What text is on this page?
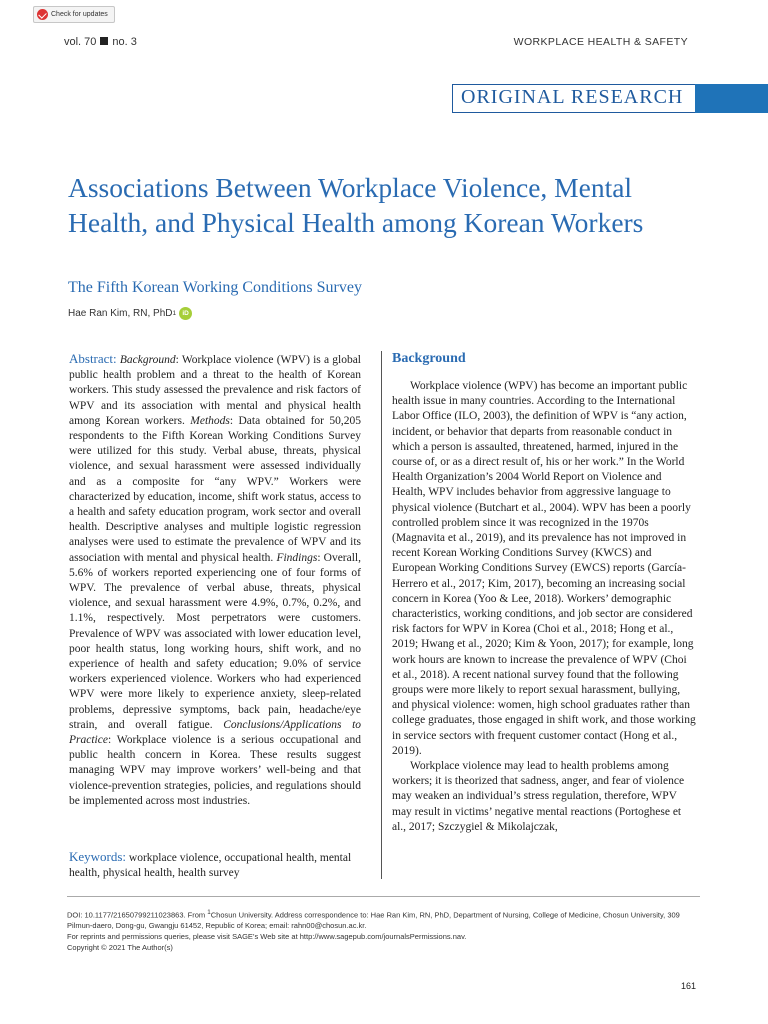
Check for updates
vol. 70 no. 3	WORKPLACE HEALTH & SAFETY
ORIGINAL RESEARCH
Associations Between Workplace Violence, Mental Health, and Physical Health among Korean Workers
The Fifth Korean Working Conditions Survey
Hae Ran Kim, RN, PhD 1 iD
Abstract: Background: Workplace violence (WPV) is a global public health problem and a threat to the health of Korean workers. This study assessed the prevalence and risk factors of WPV and its association with mental and physical health among Korean workers. Methods: Data obtained for 50,205 respondents to the Fifth Korean Working Conditions Survey were utilized for this study. Verbal abuse, threats, physical violence, and sexual harassment were assessed individually and as a composite for “any WPV.” Workers were characterized by education, income, shift work status, access to a health and safety education program, work sector and overall health. Descriptive analyses and multiple logistic regression analyses were used to estimate the prevalence of WPV and its association with mental and physical health. Findings: Overall, 5.6% of workers reported experiencing one of four forms of WPV. The prevalence of verbal abuse, threats, physical violence, and sexual harassment were 4.9%, 0.7%, 0.2%, and 1.1%, respectively. Most perpetrators were customers. Prevalence of WPV was associated with lower education level, poor health status, long working hours, shift work, and no experience of health and safety education; 9.0% of service workers experienced violence. Workers who had experienced WPV were more likely to experience anxiety, sleep-related problems, depressive symptoms, back pain, headache/eye strain, and overall fatigue. Conclusions/Applications to Practice: Workplace violence is a serious occupational and public health concern in Korea. These results suggest managing WPV may improve workers’ well-being and that violence-prevention strategies, policies, and regulations should be implemented across most industries.
Keywords: workplace violence, occupational health, mental health, physical health, health survey
Background

Workplace violence (WPV) has become an important public health issue in many countries. According to the International Labor Office (ILO, 2003), the definition of WPV is “any action, incident, or behavior that departs from reasonable conduct in which a person is assaulted, threatened, harmed, injured in the course of, or as a direct result of, his or her work.” In the World Health Organization’s 2004 World Report on Violence and Health, WPV includes behavior from aggressive language to physical violence (Butchart et al., 2004). WPV has been a poorly controlled problem since it was recognized in the 1970s (Magnavita et al., 2019), and its prevalence has not improved in recent Korean Working Conditions Survey (KWCS) and European Working Conditions Survey (EWCS) reports (García-Herrero et al., 2017; Kim, 2017), becoming an increasing social concern in Korea (Yoo & Lee, 2018). Workers’ demographic characteristics, working conditions, and job sector are considered risk factors for WPV in Korea (Choi et al., 2018; Hong et al., 2019; Hwang et al., 2020; Kim & Yoon, 2017); for example, long work hours are known to increase the prevalence of WPV (Choi et al., 2018). A recent national survey found that the following groups were more likely to report sexual harassment, bullying, and physical violence: women, high school graduates rather than college graduates, those engaged in shift work, and those working in service sectors with frequent customer contact (Hong et al., 2019).

Workplace violence may lead to health problems among workers; it is theorized that sadness, anger, and fear of violence may weaken an individual’s stress regulation, therefore, WPV may result in victims’ negative mental reactions (Portoghese et al., 2017; Szczygiel & Mikolajczak,

DOI: 10.1177/21650799211023863. From $^1$Chosun University. Address correspondence to: Hae Ran Kim, RN, PhD, Department of Nursing, College of Medicine, Chosun University, 309 Pilmun-daero, Dong-gu, Gwangju 61452, Republic of Korea; email: rahn00@chosun.ac.kr.
For reprints and permissions queries, please visit SAGE’s Web site at http://www.sagepub.com/journalsPermissions.nav.
Copyright © 2021 The Author(s)
161
